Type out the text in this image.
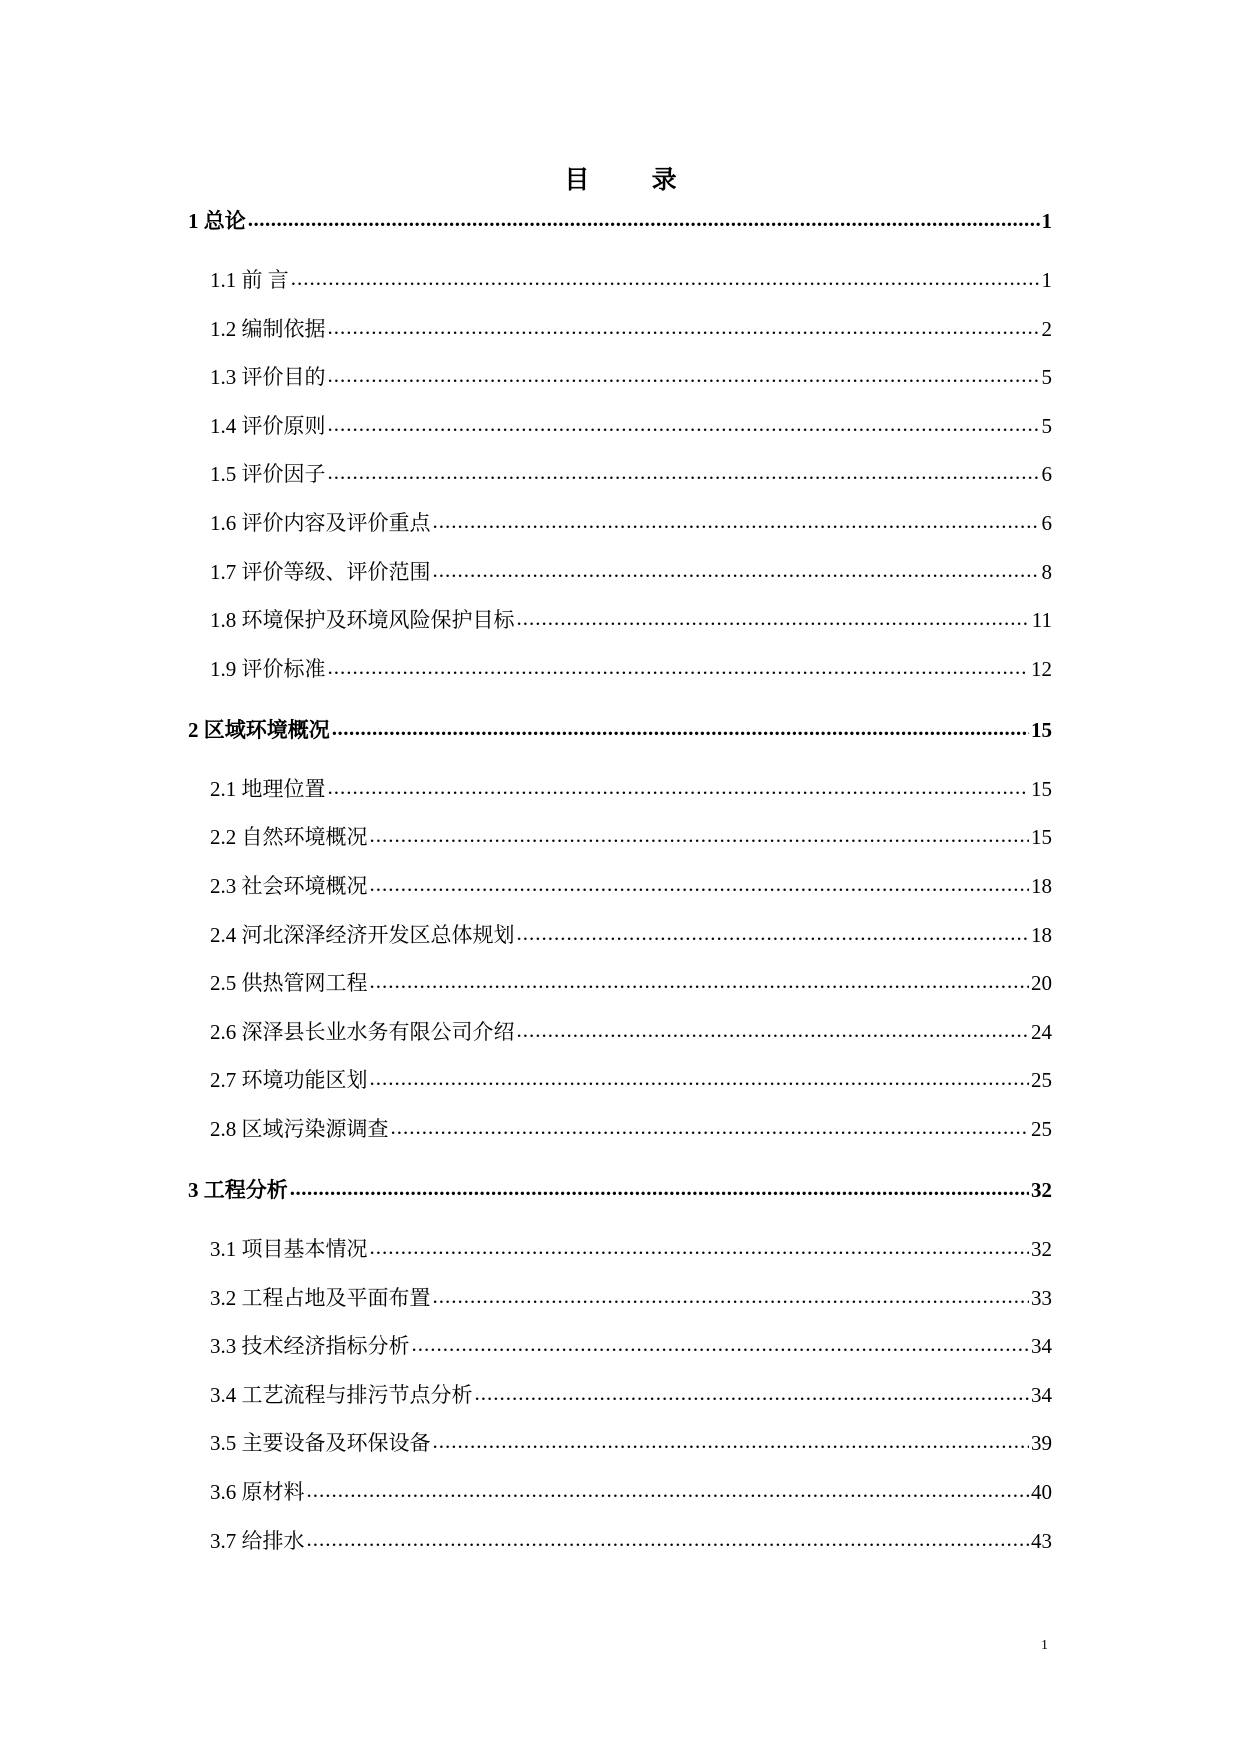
目 录
1 总论 .....	1
1.1 前 言 .....	1
1.2 编制依据 .....	2
1.3 评价目的 .....	5
1.4 评价原则 .....	5
1.5 评价因子 .....	6
1.6 评价内容及评价重点 .....	6
1.7 评价等级、评价范围 .....	8
1.8 环境保护及环境风险保护目标 .....	11
1.9 评价标准 .....	12
2 区域环境概况 .....	15
2.1 地理位置 .....	15
2.2 自然环境概况 .....	15
2.3 社会环境概况 .....	18
2.4 河北深泽经济开发区总体规划 .....	18
2.5 供热管网工程 .....	20
2.6 深泽县长业水务有限公司介绍 .....	24
2.7 环境功能区划 .....	25
2.8 区域污染源调查 .....	25
3 工程分析 .....	32
3.1 项目基本情况 .....	32
3.2 工程占地及平面布置 .....	33
3.3 技术经济指标分析 .....	34
3.4 工艺流程与排污节点分析 .....	34
3.5 主要设备及环保设备 .....	39
3.6 原材料 .....	40
3.7 给排水 .....	43
1
